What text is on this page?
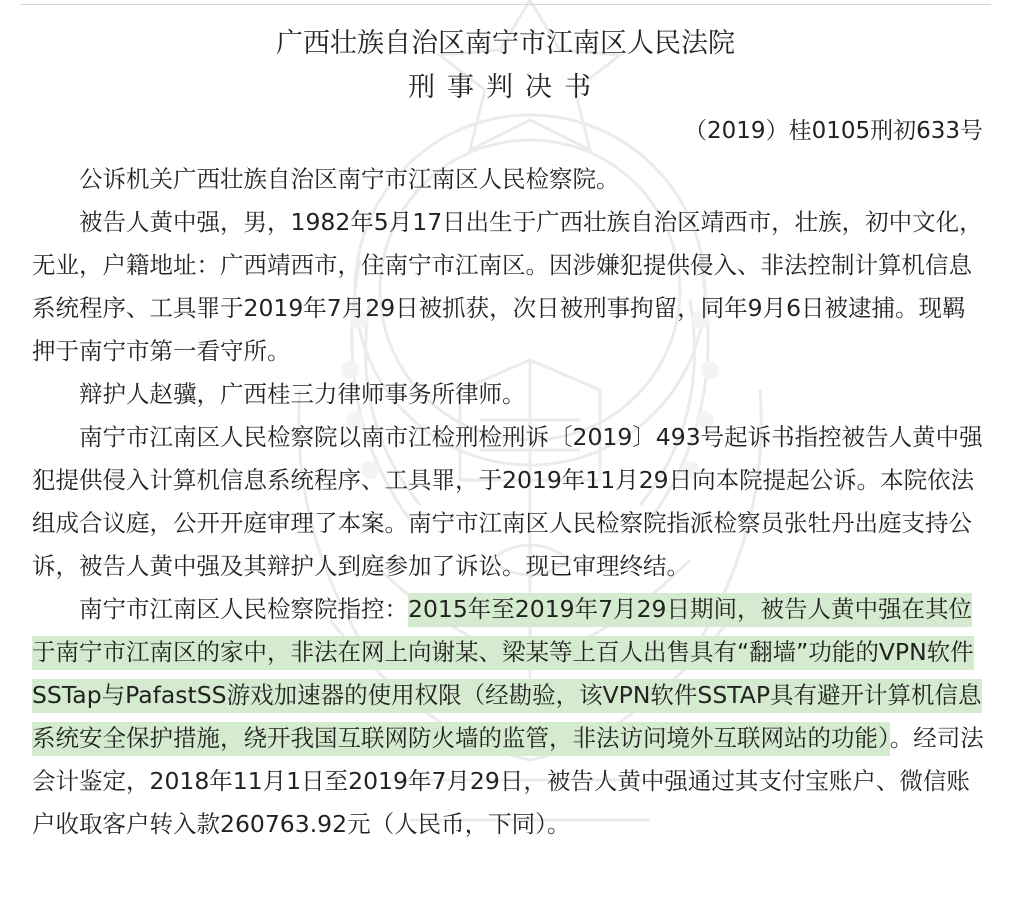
广西壮族自治区南宁市江南区人民法院
刑事判决书
（2019）桂0105刑初633号

公诉机关广西壮族自治区南宁市江南区人民检察院。

被告人黄中强，男，1982年5月17日出生于广西壮族自治区靖西市，壮族，初中文化，无业，户籍地址：广西靖西市，住南宁市江南区。因涉嫌犯提供侵入、非法控制计算机信息系统程序、工具罪于2019年7月29日被抓获，次日被刑事拘留，同年9月6日被逮捕。现羁押于南宁市第一看守所。

辩护人赵骥，广西桂三力律师事务所律师。

南宁市江南区人民检察院以南市江检刑检刑诉〔2019〕493号起诉书指控被告人黄中强犯提供侵入计算机信息系统程序、工具罪，于2019年11月29日向本院提起公诉。本院依法组成合议庭，公开开庭审理了本案。南宁市江南区人民检察院指派检察员张牡丹出庭支持公诉，被告人黄中强及其辩护人到庭参加了诉讼。现已审理终结。

南宁市江南区人民检察院指控：2015年至2019年7月29日期间，被告人黄中强在其位于南宁市江南区的家中，非法在网上向谢某、梁某等上百人出售具有“翻墙”功能的VPN软件SSTap与PafastSS游戏加速器的使用权限（经勘验，该VPN软件SSTAP具有避开计算机信息系统安全保护措施，绕开我国互联网防火墙的监管，非法访问境外互联网站的功能）。经司法会计鉴定，2018年11月1日至2019年7月29日，被告人黄中强通过其支付宝账户、微信账户收取客户转入款260763.92元（人民币，下同）。
